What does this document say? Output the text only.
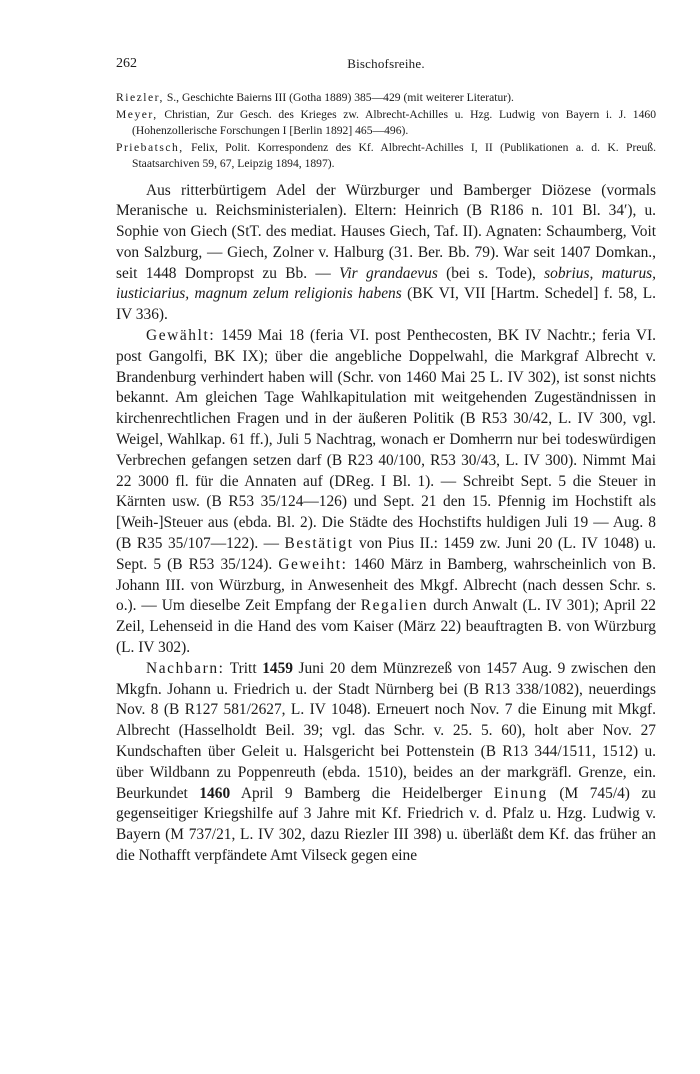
262	Bischofsreihe.

Riezler, S., Geschichte Baierns III (Gotha 1889) 385—429 (mit weiterer Literatur).

Meyer, Christian, Zur Gesch. des Krieges zw. Albrecht-Achilles u. Hzg. Ludwig von Bayern i. J. 1460 (Hohenzollerische Forschungen I [Berlin 1892] 465—496).

Priebatsch, Felix, Polit. Korrespondenz des Kf. Albrecht-Achilles I, II (Publikationen a. d. K. Preuß. Staatsarchiven 59, 67, Leipzig 1894, 1897).

Aus ritterbürtigem Adel der Würzburger und Bamberger Diözese (vormals Meranische u. Reichsministerialen). Eltern: Heinrich (B R186 n. 101 Bl. 34′), u. Sophie von Giech (StT. des mediat. Hauses Giech, Taf. II). Agnaten: Schaumberg, Voit von Salzburg, — Giech, Zolner v. Halburg (31. Ber. Bb. 79). War seit 1407 Domkan., seit 1448 Dompropst zu Bb. — Vir grandaevus (bei s. Tode), sobrius, maturus, iusticiarius, magnum zelum religionis habens (BK VI, VII [Hartm. Schedel] f. 58, L. IV 336).

Gewählt: 1459 Mai 18 (feria VI. post Penthecosten, BK IV Nachtr.; feria VI. post Gangolfi, BK IX); über die angebliche Doppelwahl, die Markgraf Albrecht v. Brandenburg verhindert haben will (Schr. von 1460 Mai 25 L. IV 302), ist sonst nichts bekannt. Am gleichen Tage Wahlkapitulation mit weitgehenden Zugeständnissen in kirchenrechtlichen Fragen und in der äußeren Politik (B R53 30/42, L. IV 300, vgl. Weigel, Wahlkap. 61 ff.), Juli 5 Nachtrag, wonach er Domherrn nur bei todeswürdigen Verbrechen gefangen setzen darf (B R23 40/100, R53 30/43, L. IV 300). Nimmt Mai 22 3000 fl. für die Annaten auf (DReg. I Bl. 1). — Schreibt Sept. 5 die Steuer in Kärnten usw. (B R53 35/124—126) und Sept. 21 den 15. Pfennig im Hochstift als [Weih-]Steuer aus (ebda. Bl. 2). Die Städte des Hochstifts huldigen Juli 19 — Aug. 8 (B R35 35/107—122). — Bestätigt von Pius II.: 1459 zw. Juni 20 (L. IV 1048) u. Sept. 5 (B R53 35/124). Geweiht: 1460 März in Bamberg, wahrscheinlich von B. Johann III. von Würzburg, in Anwesenheit des Mkgf. Albrecht (nach dessen Schr. s. o.). — Um dieselbe Zeit Empfang der Regalien durch Anwalt (L. IV 301); April 22 Zeil, Lehenseid in die Hand des vom Kaiser (März 22) beauftragten B. von Würzburg (L. IV 302).

Nachbarn: Tritt 1459 Juni 20 dem Münzrezeß von 1457 Aug. 9 zwischen den Mkgfn. Johann u. Friedrich u. der Stadt Nürnberg bei (B R13 338/1082), neuerdings Nov. 8 (B R127 581/2627, L. IV 1048). Erneuert noch Nov. 7 die Einung mit Mkgf. Albrecht (Hasselholdt Beil. 39; vgl. das Schr. v. 25. 5. 60), holt aber Nov. 27 Kundschaften über Geleit u. Halsgericht bei Pottenstein (B R13 344/1511, 1512) u. über Wildbann zu Poppenreuth (ebda. 1510), beides an der markgräfl. Grenze, ein. Beurkundet 1460 April 9 Bamberg die Heidelberger Einung (M 745/4) zu gegenseitiger Kriegshilfe auf 3 Jahre mit Kf. Friedrich v. d. Pfalz u. Hzg. Ludwig v. Bayern (M 737/21, L. IV 302, dazu Riezler III 398) u. überläßt dem Kf. das früher an die Nothafft verpfändete Amt Vilseck gegen eine
